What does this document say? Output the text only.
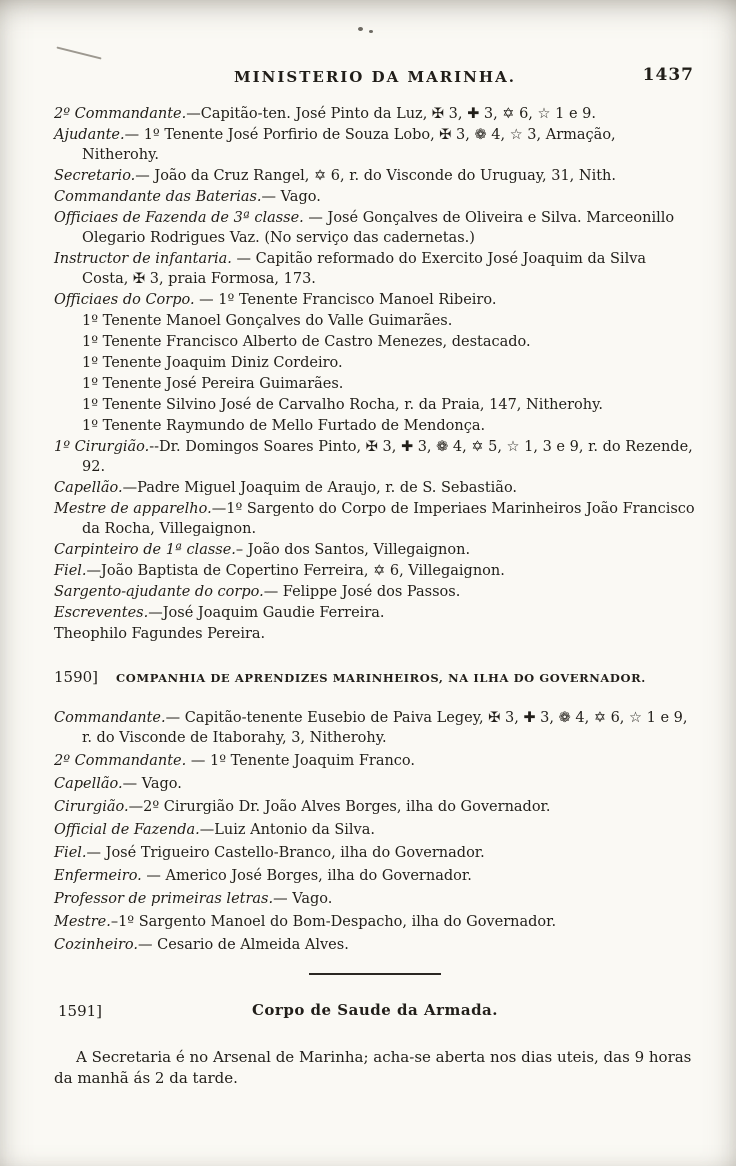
MINISTERIO DA MARINHA.	1437

2º Commandante.—Capitão-ten. José Pinto da Luz, ✠ 3, ✚ 3, ✡ 6, ☆ 1 e 9.

Ajudante.— 1º Tenente José Porfirio de Souza Lobo, ✠ 3, ❁ 4, ☆ 3, Armação, Nitherohy.

Secretario.— João da Cruz Rangel, ✡ 6, r. do Visconde do Uruguay, 31, Nith.

Commandante das Baterias.— Vago.

Officiaes de Fazenda de 3ª classe. — José Gonçalves de Oliveira e Silva. Marceonillo Olegario Rodrigues Vaz. (No serviço das cadernetas.)

Instructor de infantaria. — Capitão reformado do Exercito José Joaquim da Silva Costa, ✠ 3, praia Formosa, 173.

Officiaes do Corpo. — 1º Tenente Francisco Manoel Ribeiro.

1º Tenente Manoel Gonçalves do Valle Guimarães.

1º Tenente Francisco Alberto de Castro Menezes, destacado.

1º Tenente Joaquim Diniz Cordeiro.

1º Tenente José Pereira Guimarães.

1º Tenente Silvino José de Carvalho Rocha, r. da Praia, 147, Nitherohy.

1º Tenente Raymundo de Mello Furtado de Mendonça.

1º Cirurgião.--Dr. Domingos Soares Pinto, ✠ 3, ✚ 3, ❁ 4, ✡ 5, ☆ 1, 3 e 9, r. do Rezende, 92.

Capellão.—Padre Miguel Joaquim de Araujo, r. de S. Sebastião.

Mestre de apparelho.—1º Sargento do Corpo de Imperiaes Marinheiros João Francisco da Rocha, Villegaignon.

Carpinteiro de 1ª classe.– João dos Santos, Villegaignon.

Fiel.—João Baptista de Copertino Ferreira, ✡ 6, Villegaignon.

Sargento-ajudante do corpo.— Felippe José dos Passos.

Escreventes.—José Joaquim Gaudie Ferreira.

Theophilo Fagundes Pereira.

1590] COMPANHIA DE APRENDIZES MARINHEIROS, NA ILHA DO GOVERNADOR.

Commandante.— Capitão-tenente Eusebio de Paiva Legey, ✠ 3, ✚ 3, ❁ 4, ✡ 6, ☆ 1 e 9, r. do Visconde de Itaborahy, 3, Nitherohy.

2º Commandante. — 1º Tenente Joaquim Franco.

Capellão.— Vago.

Cirurgião.—2º Cirurgião Dr. João Alves Borges, ilha do Governador.

Official de Fazenda.—Luiz Antonio da Silva.

Fiel.— José Trigueiro Castello-Branco, ilha do Governador.

Enfermeiro. — Americo José Borges, ilha do Governador.

Professor de primeiras letras.— Vago.

Mestre.–1º Sargento Manoel do Bom-Despacho, ilha do Governador.

Cozinheiro.— Cesario de Almeida Alves.

1591]	Corpo de Saude da Armada.

A Secretaria é no Arsenal de Marinha; acha-se aberta nos dias uteis, das 9 horas da manhã ás 2 da tarde.
